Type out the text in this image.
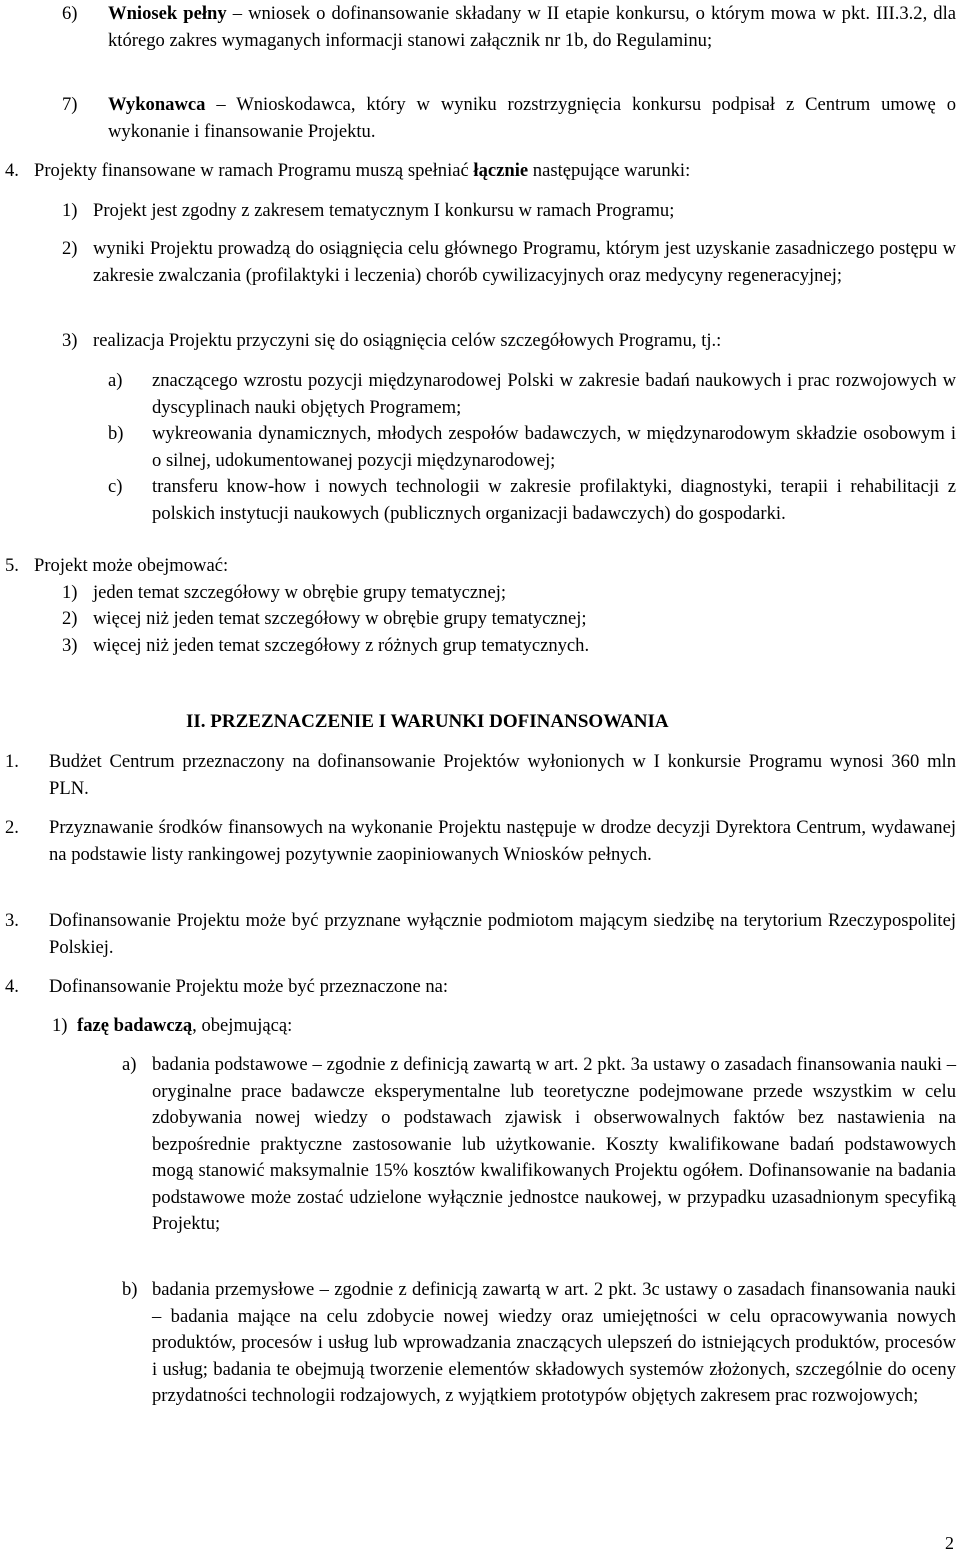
6) Wniosek pełny – wniosek o dofinansowanie składany w II etapie konkursu, o którym mowa w pkt. III.3.2, dla którego zakres wymaganych informacji stanowi załącznik nr 1b, do Regulaminu;
7) Wykonawca – Wnioskodawca, który w wyniku rozstrzygnięcia konkursu podpisał z Centrum umowę o wykonanie i finansowanie Projektu.
4. Projekty finansowane w ramach Programu muszą spełniać łącznie następujące warunki:
1) Projekt jest zgodny z zakresem tematycznym I konkursu w ramach Programu;
2) wyniki Projektu prowadzą do osiągnięcia celu głównego Programu, którym jest uzyskanie zasadniczego postępu w zakresie zwalczania (profilaktyki i leczenia) chorób cywilizacyjnych oraz medycyny regeneracyjnej;
3) realizacja Projektu przyczyni się do osiągnięcia celów szczegółowych Programu, tj.:
a) znaczącego wzrostu pozycji międzynarodowej Polski w zakresie badań naukowych i prac rozwojowych w dyscyplinach nauki objętych Programem;
b) wykreowania dynamicznych, młodych zespołów badawczych, w międzynarodowym składzie osobowym i o silnej, udokumentowanej pozycji międzynarodowej;
c) transferu know-how i nowych technologii w zakresie profilaktyki, diagnostyki, terapii i rehabilitacji z polskich instytucji naukowych (publicznych organizacji badawczych) do gospodarki.
5. Projekt może obejmować:
1) jeden temat szczegółowy w obrębie grupy tematycznej;
2) więcej niż jeden temat szczegółowy w obrębie grupy tematycznej;
3) więcej niż jeden temat szczegółowy z różnych grup tematycznych.
II. PRZEZNACZENIE I WARUNKI DOFINANSOWANIA
1. Budżet Centrum przeznaczony na dofinansowanie Projektów wyłonionych w I konkursie Programu wynosi 360 mln PLN.
2. Przyznawanie środków finansowych na wykonanie Projektu następuje w drodze decyzji Dyrektora Centrum, wydawanej na podstawie listy rankingowej pozytywnie zaopiniowanych Wniosków pełnych.
3. Dofinansowanie Projektu może być przyznane wyłącznie podmiotom mającym siedzibę na terytorium Rzeczypospolitej Polskiej.
4. Dofinansowanie Projektu może być przeznaczone na:
1) fazę badawczą, obejmującą:
a) badania podstawowe – zgodnie z definicją zawartą w art. 2 pkt. 3a ustawy o zasadach finansowania nauki – oryginalne prace badawcze eksperymentalne lub teoretyczne podejmowane przede wszystkim w celu zdobywania nowej wiedzy o podstawach zjawisk i obserwowalnych faktów bez nastawienia na bezpośrednie praktyczne zastosowanie lub użytkowanie. Koszty kwalifikowane badań podstawowych mogą stanowić maksymalnie 15% kosztów kwalifikowanych Projektu ogółem. Dofinansowanie na badania podstawowe może zostać udzielone wyłącznie jednostce naukowej, w przypadku uzasadnionym specyfiką Projektu;
b) badania przemysłowe – zgodnie z definicją zawartą w art. 2 pkt. 3c ustawy o zasadach finansowania nauki – badania mające na celu zdobycie nowej wiedzy oraz umiejętności w celu opracowywania nowych produktów, procesów i usług lub wprowadzania znaczących ulepszeń do istniejących produktów, procesów i usług; badania te obejmują tworzenie elementów składowych systemów złożonych, szczególnie do oceny przydatności technologii rodzajowych, z wyjątkiem prototypów objętych zakresem prac rozwojowych;
2
